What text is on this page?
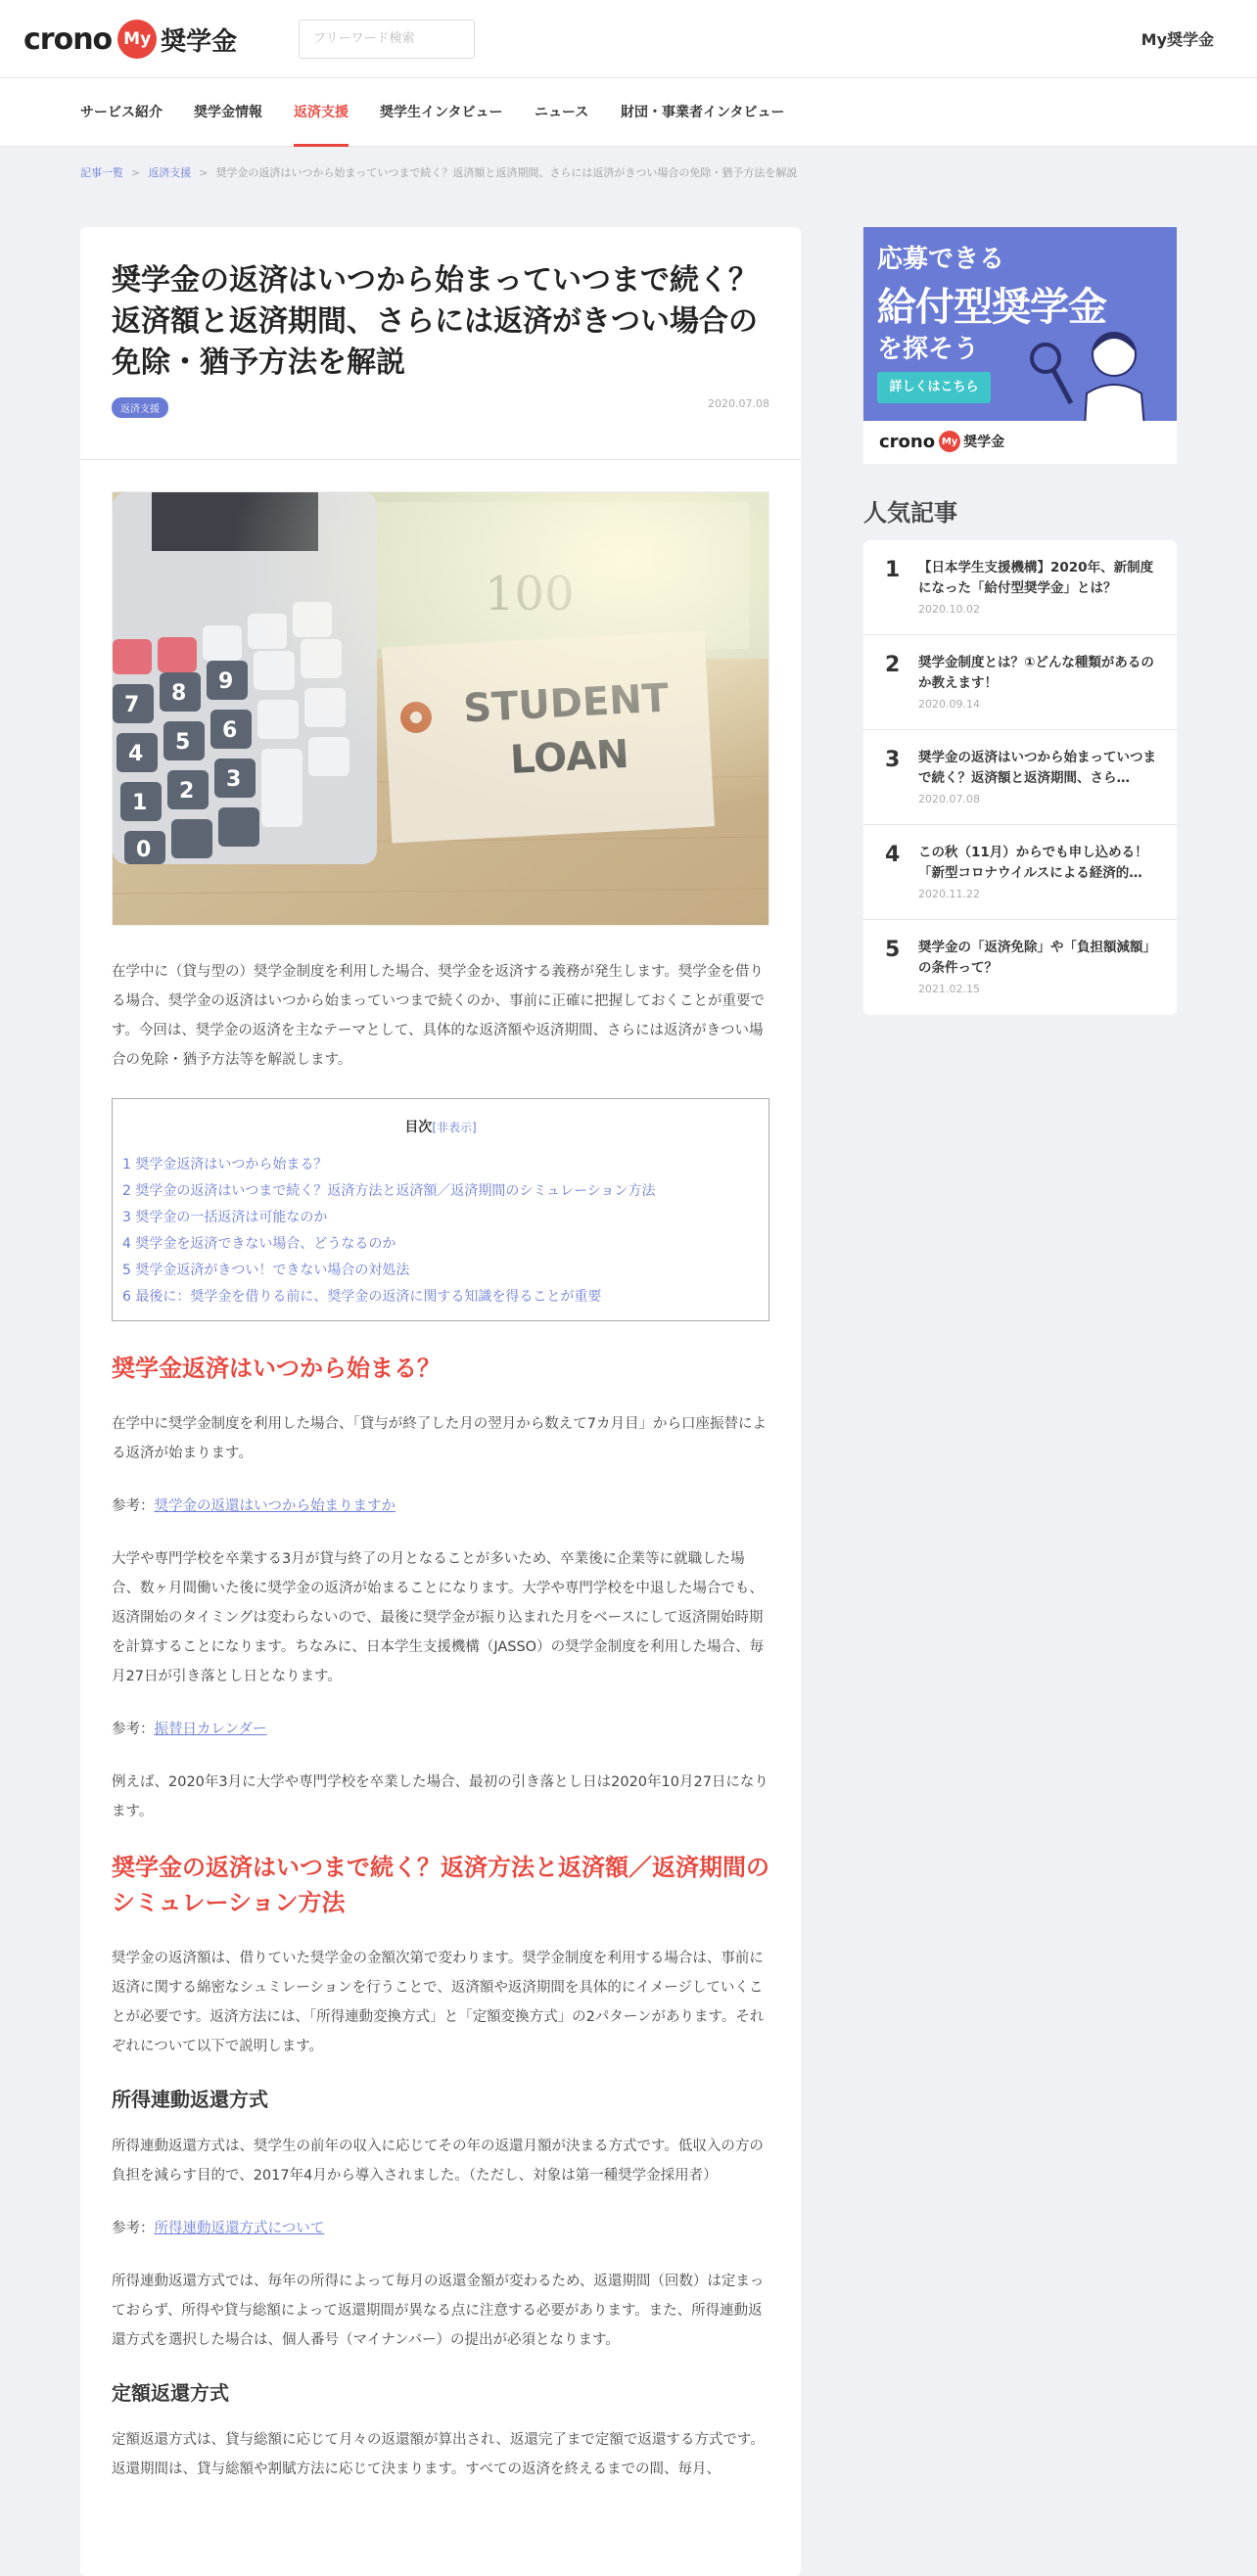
crono My 奨学金	フリーワード検索	My奨学金
サービス紹介 奨学金情報 返済支援 奨学生インタビュー ニュース 財団・事業者インタビュー
記事一覧 > 返済支援 > 奨学金の返済はいつから始まっていつまで続く？返済額と返済期間、さらには返済がきつい場合の免除・猶予方法を解説
奨学金の返済はいつから始まっていつまで続く？返済額と返済期間、さらには返済がきつい場合の免除・猶予方法を解説
返済支援	2020.07.08

在学中に（貸与型の）奨学金制度を利用した場合、奨学金を返済する義務が発生します。奨学金を借りる場合、奨学金の返済はいつから始まっていつまで続くのか、事前に正確に把握しておくことが重要です。今回は、奨学金の返済を主なテーマとして、具体的な返済額や返済期間、さらには返済がきつい場合の免除・猶予方法等を解説します。

目次[非表示]
1 奨学金返済はいつから始まる？
2 奨学金の返済はいつまで続く？返済方法と返済額／返済期間のシミュレーション方法
3 奨学金の一括返済は可能なのか
4 奨学金を返済できない場合、どうなるのか
5 奨学金返済がきつい！できない場合の対処法
6 最後に：奨学金を借りる前に、奨学金の返済に関する知識を得ることが重要
奨学金返済はいつから始まる？

在学中に奨学金制度を利用した場合、「貸与が終了した月の翌月から数えて7カ月目」から口座振替による返済が始まります。

参考：奨学金の返還はいつから始まりますか

大学や専門学校を卒業する3月が貸与終了の月となることが多いため、卒業後に企業等に就職した場合、数ヶ月間働いた後に奨学金の返済が始まることになります。大学や専門学校を中退した場合でも、返済開始のタイミングは変わらないので、最後に奨学金が振り込まれた月をベースにして返済開始時期を計算することになります。ちなみに、日本学生支援機構（JASSO）の奨学金制度を利用した場合、毎月27日が引き落とし日となります。

参考：振替日カレンダー

例えば、2020年3月に大学や専門学校を卒業した場合、最初の引き落とし日は2020年10月27日になります。

奨学金の返済はいつまで続く？返済方法と返済額／返済期間のシミュレーション方法

奨学金の返済額は、借りていた奨学金の金額次第で変わります。奨学金制度を利用する場合は、事前に返済に関する綿密なシュミレーションを行うことで、返済額や返済期間を具体的にイメージしていくことが必要です。返済方法には、「所得連動変換方式」と「定額変換方式」の2パターンがあります。それぞれについて以下で説明します。

所得連動返還方式

所得連動返還方式は、奨学生の前年の収入に応じてその年の返還月額が決まる方式です。低収入の方の負担を減らす目的で、2017年4月から導入されました。（ただし、対象は第一種奨学金採用者）

参考：所得連動返還方式について

所得連動返還方式では、毎年の所得によって毎月の返還金額が変わるため、返還期間（回数）は定まっておらず、所得や貸与総額によって返還期間が異なる点に注意する必要があります。また、所得連動返還方式を選択した場合は、個人番号（マイナンバー）の提出が必須となります。

定額返還方式

定額返還方式は、貸与総額に応じて月々の返還額が算出され、返還完了まで定額で返還する方式です。返還期間は、貸与総額や割賦方法に応じて決まります。すべての返済を終えるまでの間、毎月、

応募できる
給付型奨学金
を探そう
詳しくはこちら
crono My 奨学金
人気記事
1 【日本学生支援機構】2020年、新制度になった「給付型奨学金」とは？
2020.10.02
2 奨学金制度とは？①どんな種類があるのか教えます！
2020.09.14
3 奨学金の返済はいつから始まっていつまで続く？返済額と返済期間、さら…
2020.07.08
4 この秋（11月）からでも申し込める！「新型コロナウイルスによる経済的…
2020.11.22
5 奨学金の「返済免除」や「負担額減額」の条件って？
2021.02.15
